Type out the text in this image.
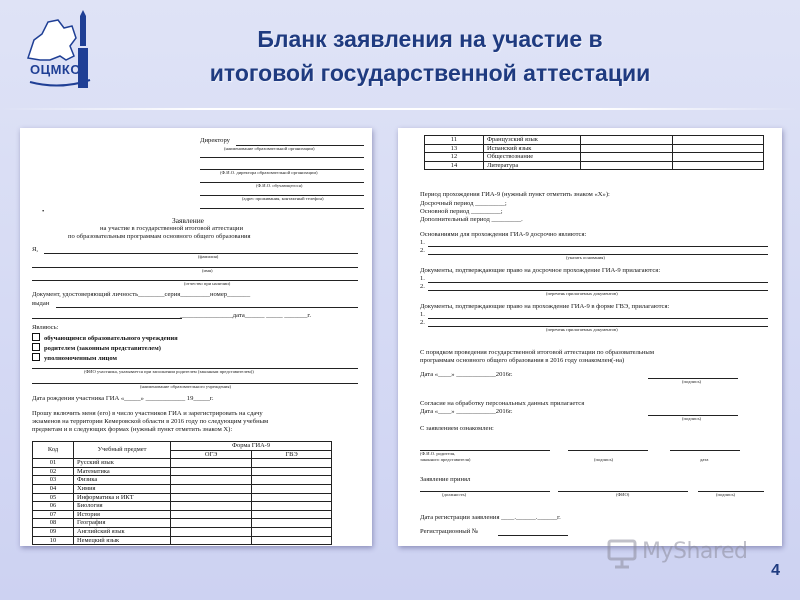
ОЦМКО
Бланк заявления на участие в
итоговой государственной аттестации
Директору
(наименование образовательной организации)
(Ф.И.О. директора образовательной организации)
(Ф.И.О. обучающегося)
(адрес проживания, контактный телефон)
•
Заявление
на участие в государственной итоговой аттестации
по образовательным программам основного общего образования
Я,
(фамилия)
(имя)
(отчество при наличии)
Документ, удостоверяющий личность________серия_________номер_______
выдан
________________дата______ _____ _______г.
Являюсь:
обучающимся образовательного учреждения
родителем (законным представителем)
уполномоченным лицом
(ФИО участника, указывается при заполнении родителем (законным представителем))
(наименование образовательного учреждения)
Дата рождения участника ГИА «_____» ____________ 19_____г.
Прошу включить меня (его) в число участников ГИА и зарегистрировать на сдачу
экзаменов на территории Кемеровской области в 2016 году по следующим учебным
предметам и в следующих формах (нужный пункт отметить знаком Х):
Код	Учебный предмет	Форма ГИА-9	
		ОГЭ	ГВЭ
01	Русский язык		
02	Математика		
03	Физика		
04	Химия		
05	Информатика и ИКТ		
06	Биология		
07	История		
08	География		
09	Английский язык		
10	Немецкий язык		
11	Французский язык		
13	Испанский язык		
12	Обществознание		
14	Литература		
Период прохождения ГИА-9 (нужный пункт отметить знаком «Х»):
Досрочный период _________;
Основной период _________;
Дополнительный период _________.
Основаниями для прохождения ГИА-9 досрочно являются:
1.
2.
(указать основания)
Документы, подтверждающие право на досрочное прохождение ГИА-9 прилагаются:
1.
2.
(перечень прилагаемых документов)
Документы, подтверждающие право на прохождение ГИА-9 в форме ГВЭ, прилагаются:
1.
2.
(перечень прилагаемых документов)
С порядком проведения государственной итоговой аттестации по образовательным
программам основного общего образования в 2016 году ознакомлен(-на)
Дата «____» ____________2016г.
(подпись)
Согласие на обработку персональных данных прилагается
Дата «____» ____________2016г.
(подпись)
С заявлением ознакомлен:
(Ф.И.О. родителя,
законного представителя)	(подпись)	дата
Заявление принял
(должность)	(ФИО)	(подпись)
Дата регистрации заявления ____.______.______г.
Регистрационный №
MyShared
4
